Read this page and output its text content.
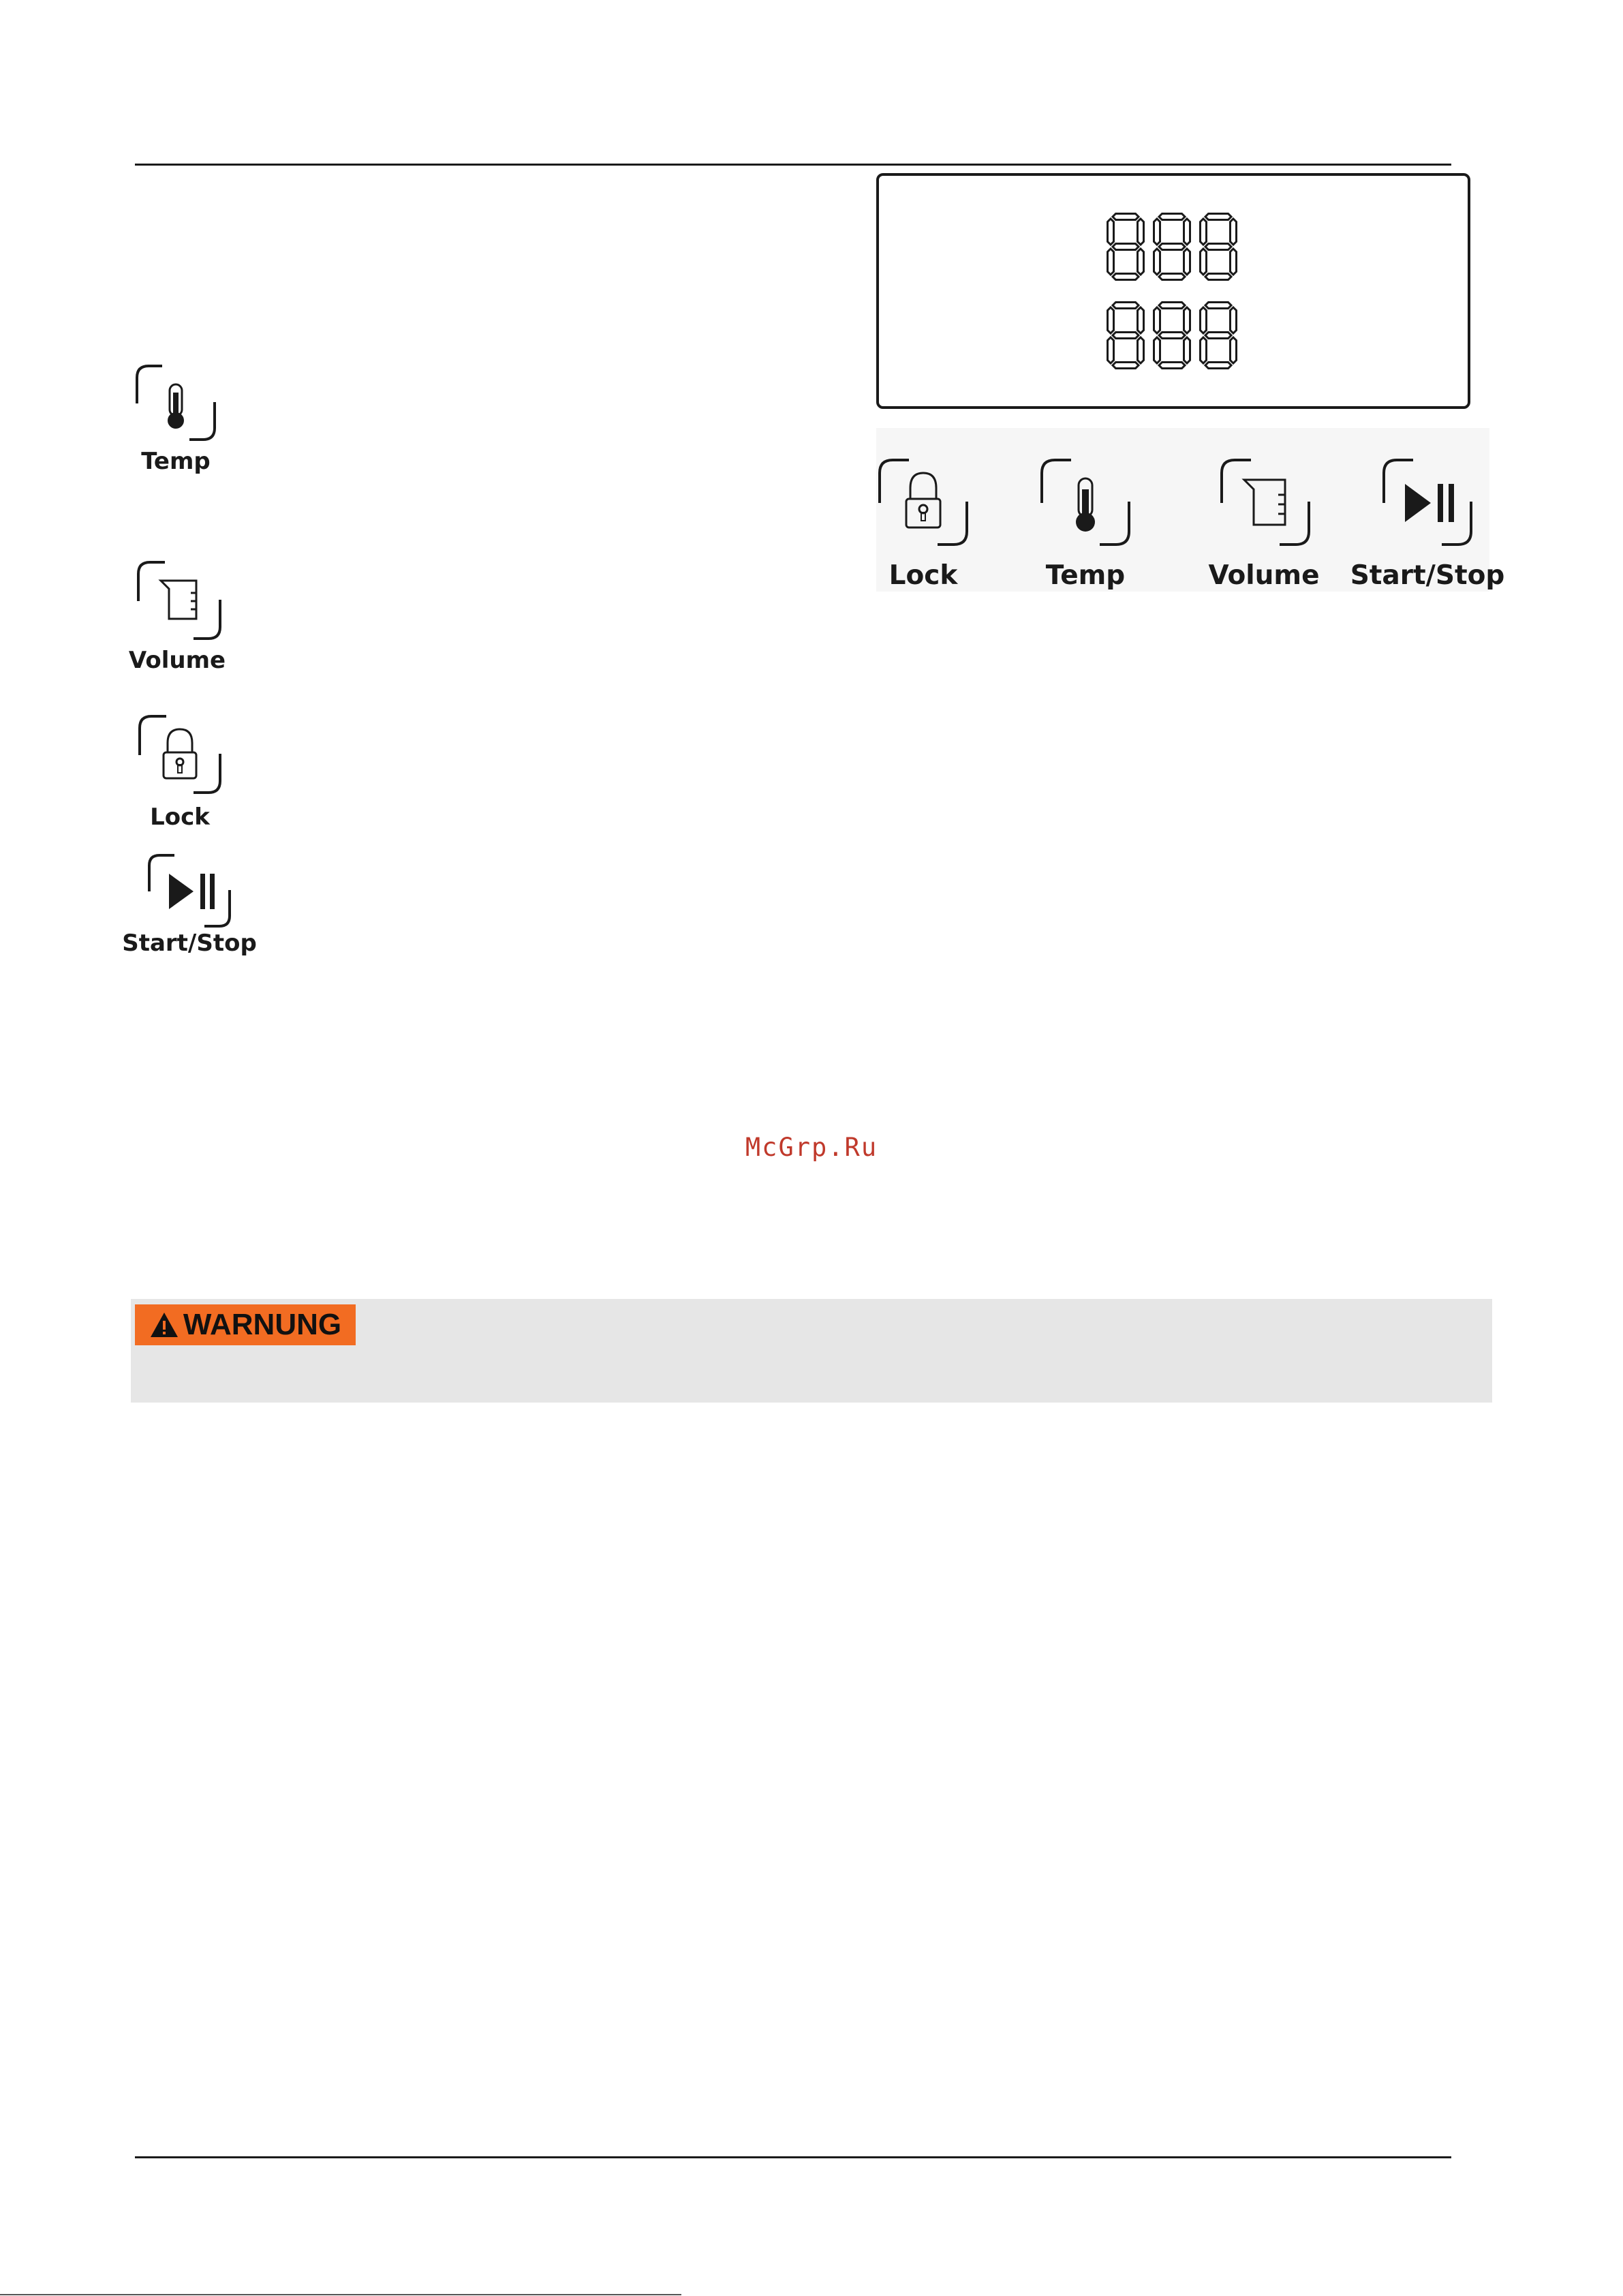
Temp
Volume
Lock
Start/Stop
Lock	Temp	Volume	Start/Stop
McGrp.Ru
WARNUNG
